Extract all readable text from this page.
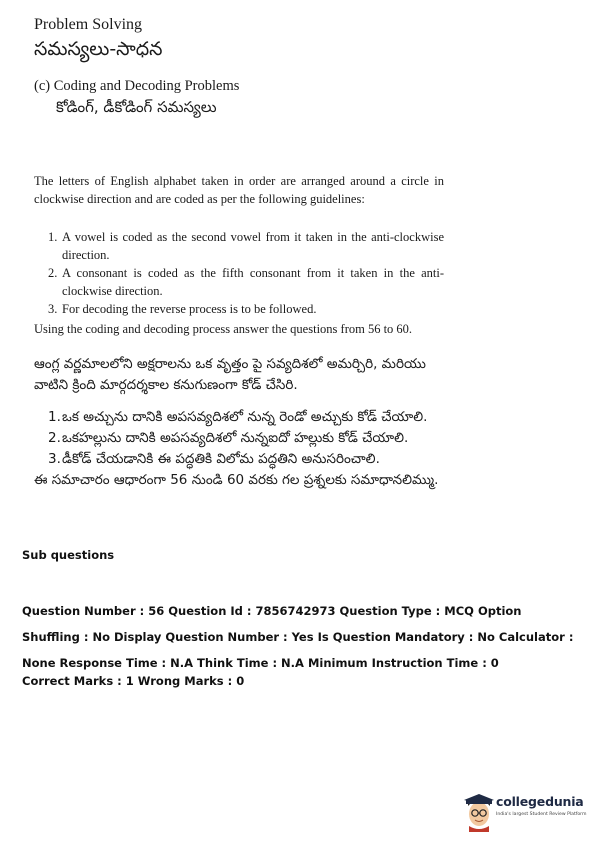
Problem Solving
సమస్యలు-సాధన
(c) Coding and Decoding Problems
కోడింగ్, డీకోడింగ్ సమస్యలు
The letters of English alphabet taken in order are arranged around a circle in clockwise direction and are coded as per the following guidelines:
1. A vowel is coded as the second vowel from it taken in the anti-clockwise direction.
2. A consonant is coded as the fifth consonant from it taken in the anti-clockwise direction.
3. For decoding the reverse process is to be followed.
Using the coding and decoding process answer the questions from 56 to 60.
ఆంగ్ల వర్ణమాలలోని అక్షరాలను ఒక వృత్తం పై సవ్యదిశలో అమర్చిరి, మరియు వాటిని క్రింది మార్గదర్శకాల కనుగుణంగా కోడ్ చేసిరి.
1. ఒక అచ్చును దానికి అపసవ్యదిశలో నున్న రెండో అచ్చుకు కోడ్ చేయాలి.
2. ఒకహల్లును దానికి అపసవ్యదిశలో నున్నఐదో హల్లుకు కోడ్ చేయాలి.
3. డీకోడ్ చేయడానికి ఈ పద్ధతికి విలోమ పద్ధతిని అనుసరించాలి.
ఈ సమాచారం ఆధారంగా 56 నుండి 60 వరకు గల ప్రశ్నలకు సమాధానలిమ్ము.
Sub questions
Question Number : 56 Question Id : 7856742973 Question Type : MCQ Option Shuffling : No Display Question Number : Yes Is Question Mandatory : No Calculator : None Response Time : N.A Think Time : N.A Minimum Instruction Time : 0
Correct Marks : 1 Wrong Marks : 0
collegedunia
India's largest Student Review Platform
